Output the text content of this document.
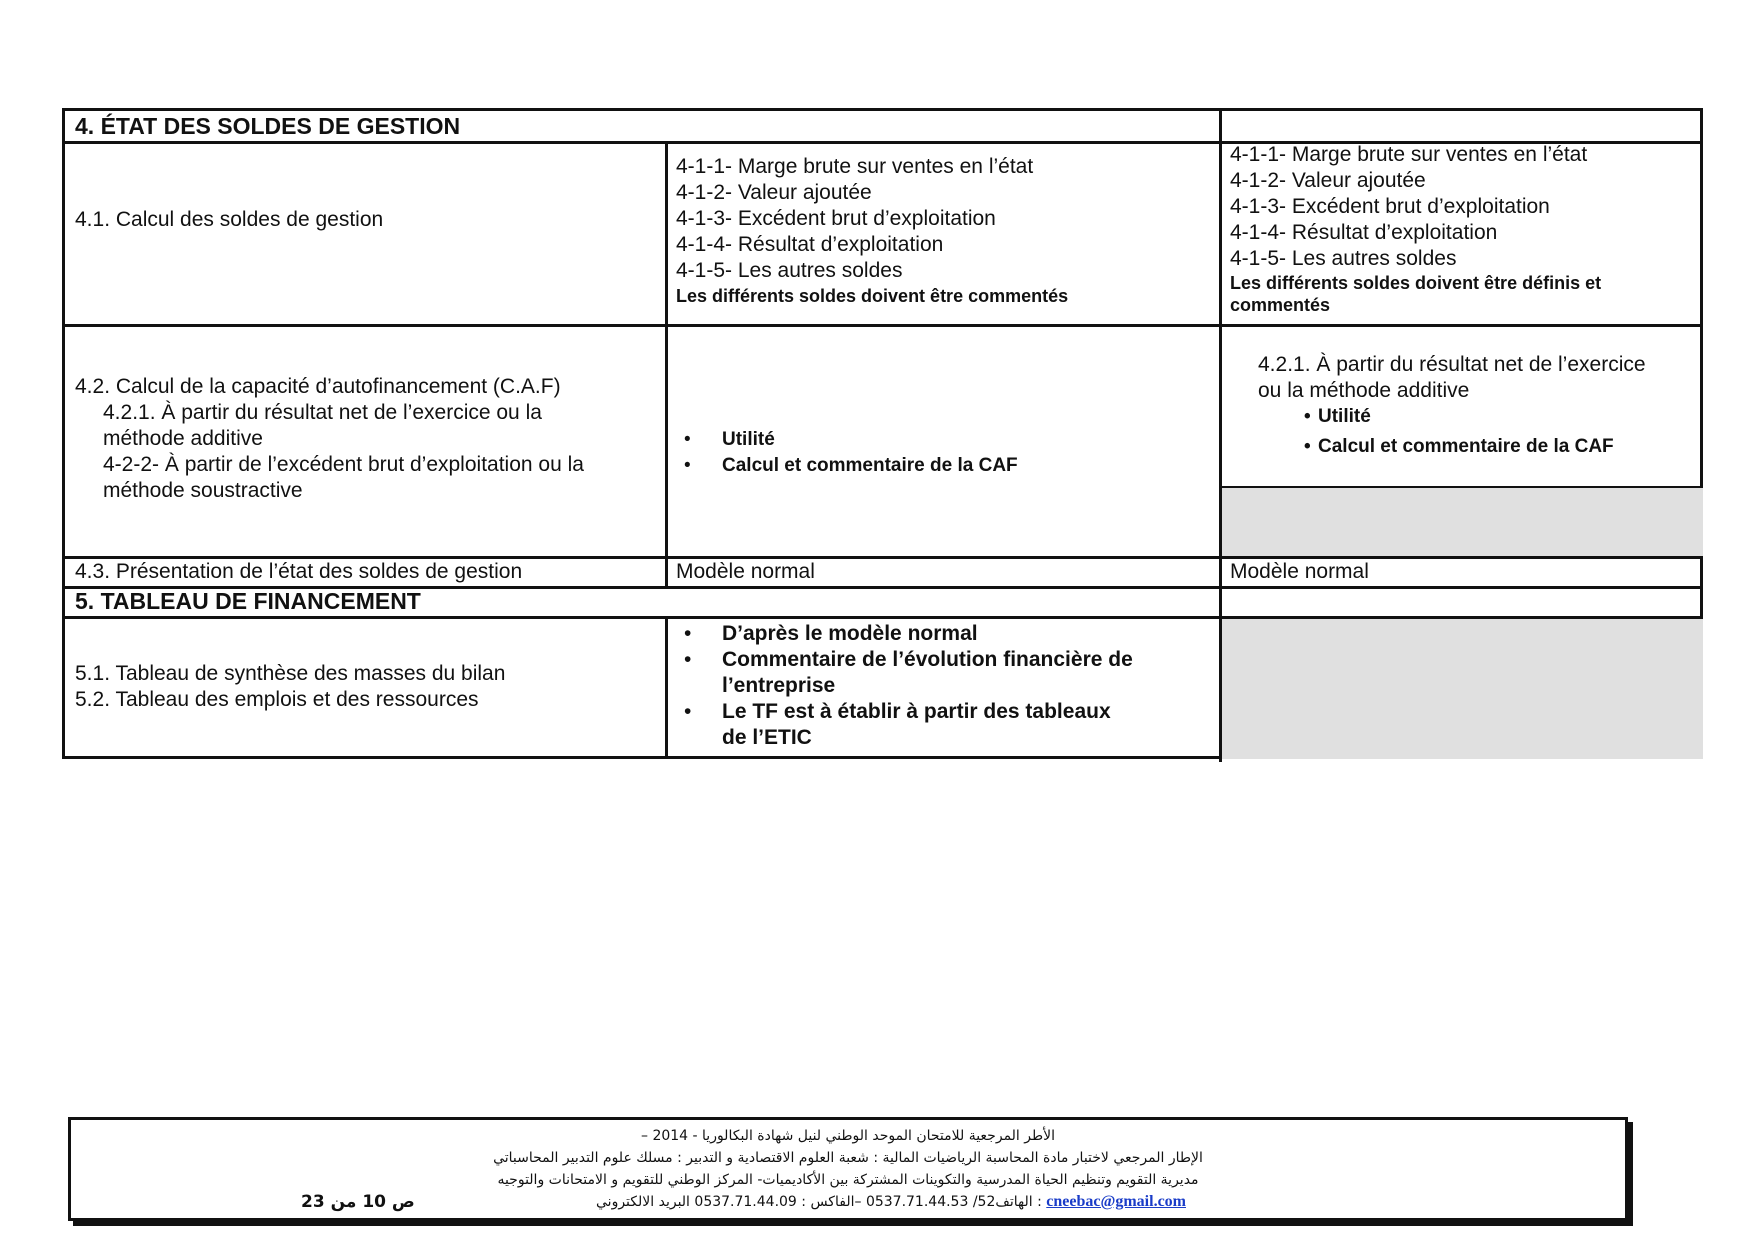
4. ÉTAT DES SOLDES DE GESTION
4.1. Calcul des soldes de gestion
4-1-1- Marge brute sur ventes en l’état
4-1-2- Valeur ajoutée
4-1-3- Excédent brut d’exploitation
4-1-4- Résultat d’exploitation
4-1-5- Les autres soldes
Les différents soldes doivent être commentés
4-1-1- Marge brute sur ventes en l’état
4-1-2- Valeur ajoutée
4-1-3- Excédent brut d’exploitation
4-1-4- Résultat d’exploitation
4-1-5- Les autres soldes
Les différents soldes doivent être définis et
commentés
4.2. Calcul de la capacité d’autofinancement (C.A.F)
4.2.1. À partir du résultat net de l’exercice ou la
méthode additive
4-2-2- À partir de l’excédent brut d’exploitation ou la
méthode soustractive
• Utilité
• Calcul et commentaire de la CAF
4.2.1. À partir du résultat net de l’exercice
ou la méthode additive
• Utilité
• Calcul et commentaire de la CAF
4.3. Présentation de l’état des soldes de gestion	Modèle normal	Modèle normal
5. TABLEAU DE FINANCEMENT
5.1. Tableau de synthèse des masses du bilan
5.2. Tableau des emplois et des ressources
• D’après le modèle normal
• Commentaire de l’évolution financière de
l’entreprise
• Le TF est à établir à partir des tableaux
de l’ETIC
الأطر المرجعية للامتحان الموحد الوطني لنيل شهادة البكالوريا - 2014 –
الإطار المرجعي لاختبار مادة المحاسبة الرياضيات المالية : شعبة العلوم الاقتصادية و التدبير : مسلك علوم التدبير المحاسباتي
مديرية التقويم وتنظيم الحياة المدرسية والتكوينات المشتركة بين الأكاديميات- المركز الوطني للتقويم و الامتحانات والتوجيه
الهاتف52/ 0537.71.44.53 –الفاكس : 0537.71.44.09 البريد الالكتروني : cneebac@gmail.com
ص 10 من 23
